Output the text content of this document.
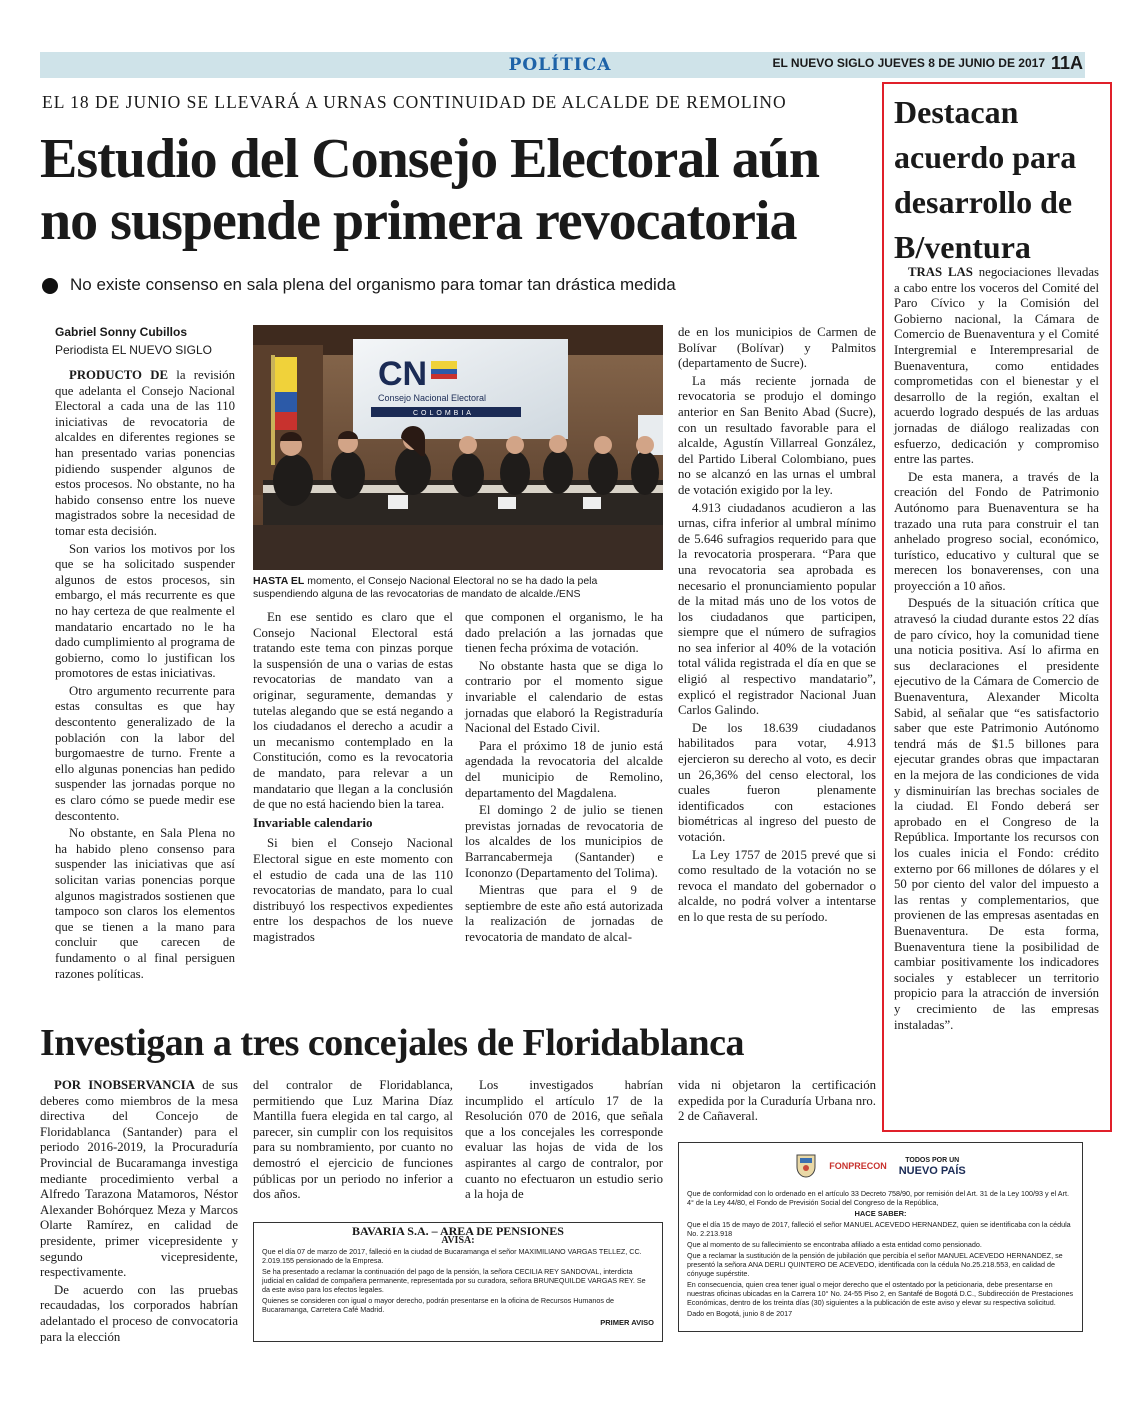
POLÍTICA	EL NUEVO SIGLO JUEVES 8 DE JUNIO DE 2017 11A
EL 18 DE JUNIO SE LLEVARÁ A URNAS CONTINUIDAD DE ALCALDE DE REMOLINO
Estudio del Consejo Electoral aún no suspende primera revocatoria
No existe consenso en sala plena del organismo para tomar tan drástica medida
Gabriel Sonny Cubillos
Periodista EL NUEVO SIGLO

PRODUCTO DE la revisión que adelanta el Consejo Nacional Electoral a cada una de las 110 iniciativas de revocatoria de alcaldes en diferentes regiones se han presentado varias ponencias pidiendo suspender algunos de estos procesos. No obstante, no ha habido consenso entre los nueve magistrados sobre la necesidad de tomar esta decisión.

Son varios los motivos por los que se ha solicitado suspender algunos de estos procesos, sin embargo, el más recurrente es que no hay certeza de que realmente el mandatario encartado no le ha dado cumplimiento al programa de gobierno, como lo justifican los promotores de estas iniciativas.

Otro argumento recurrente para estas consultas es que hay descontento generalizado de la población con la labor del burgomaestre de turno. Frente a ello algunas ponencias han pedido suspender las jornadas porque no es claro cómo se puede medir ese descontento.

No obstante, en Sala Plena no ha habido pleno consenso para suspender las iniciativas que así solicitan varias ponencias porque algunos magistrados sostienen que tampoco son claros los elementos que se tienen a la mano para concluir que carecen de fundamento o al final persiguen razones políticas.

CN
Consejo Nacional Electoral
COLOMBIA
HASTA EL momento, el Consejo Nacional Electoral no se ha dado la pela suspendiendo alguna de las revocatorias de mandato de alcalde./ENS

En ese sentido es claro que el Consejo Nacional Electoral está tratando este tema con pinzas porque la suspensión de una o varias de estas revocatorias de mandato van a originar, seguramente, demandas y tutelas alegando que se está negando a los ciudadanos el derecho a acudir a un mecanismo contemplado en la Constitución, como es la revocatoria de mandato, para relevar a un mandatario que llegan a la conclusión de que no está haciendo bien la tarea.

Invariable calendario

Si bien el Consejo Nacional Electoral sigue en este momento con el estudio de cada una de las 110 revocatorias de mandato, para lo cual distribuyó los respectivos expedientes entre los despachos de los nueve magistrados

que componen el organismo, le ha dado prelación a las jornadas que tienen fecha próxima de votación.

No obstante hasta que se diga lo contrario por el momento sigue invariable el calendario de estas jornadas que elaboró la Registraduría Nacional del Estado Civil.

Para el próximo 18 de junio está agendada la revocatoria del alcalde del municipio de Remolino, departamento del Magdalena.

El domingo 2 de julio se tienen previstas jornadas de revocatoria de los alcaldes de los municipios de Barrancabermeja (Santander) e Icononzo (Departamento del Tolima).

Mientras que para el 9 de septiembre de este año está autorizada la realización de jornadas de revocatoria de mandato de alcal-

de en los municipios de Carmen de Bolívar (Bolívar) y Palmitos (departamento de Sucre).

La más reciente jornada de revocatoria se produjo el domingo anterior en San Benito Abad (Sucre), con un resultado favorable para el alcalde, Agustín Villarreal González, del Partido Liberal Colombiano, pues no se alcanzó en las urnas el umbral de votación exigido por la ley.

4.913 ciudadanos acudieron a las urnas, cifra inferior al umbral mínimo de 5.646 sufragios requerido para que la revocatoria prosperara. “Para que una revocatoria sea aprobada es necesario el pronunciamiento popular de la mitad más uno de los votos de los ciudadanos que participen, siempre que el número de sufragios no sea inferior al 40% de la votación total válida registrada el día en que se eligió al respectivo mandatario”, explicó el registrador Nacional Juan Carlos Galindo.

De los 18.639 ciudadanos habilitados para votar, 4.913 ejercieron su derecho al voto, es decir un 26,36% del censo electoral, los cuales fueron plenamente identificados con estaciones biométricas al ingreso del puesto de votación.

La Ley 1757 de 2015 prevé que si como resultado de la votación no se revoca el mandato del gobernador o alcalde, no podrá volver a intentarse en lo que resta de su período.

Destacan acuerdo para desarrollo de B/ventura

TRAS LAS negociaciones llevadas a cabo entre los voceros del Comité del Paro Cívico y la Comisión del Gobierno nacional, la Cámara de Comercio de Buenaventura y el Comité Intergremial e Interempresarial de Buenaventura, como entidades comprometidas con el bienestar y el desarrollo de la región, exaltan el acuerdo logrado después de las arduas jornadas de diálogo realizadas con esfuerzo, dedicación y compromiso entre las partes.

De esta manera, a través de la creación del Fondo de Patrimonio Autónomo para Buenaventura se ha trazado una ruta para construir el tan anhelado progreso social, económico, turístico, educativo y cultural que se merecen los bonaverenses, con una proyección a 10 años.

Después de la situación crítica que atravesó la ciudad durante estos 22 días de paro cívico, hoy la comunidad tiene una noticia positiva. Así lo afirma en sus declaraciones el presidente ejecutivo de la Cámara de Comercio de Buenaventura, Alexander Micolta Sabid, al señalar que “es satisfactorio saber que este Patrimonio Autónomo tendrá más de $1.5 billones para ejecutar grandes obras que impactaran en la mejora de las condiciones de vida y disminuirían las brechas sociales de la ciudad. El Fondo deberá ser aprobado en el Congreso de la República. Importante los recursos con los cuales inicia el Fondo: crédito externo por 66 millones de dólares y el 50 por ciento del valor del impuesto a las rentas y complementarios, que provienen de las empresas asentadas en Buenaventura. De esta forma, Buenaventura tiene la posibilidad de cambiar positivamente los indicadores sociales y establecer un territorio propicio para la atracción de inversión y crecimiento de las empresas instaladas”.

Investigan a tres concejales de Floridablanca

POR INOBSERVANCIA de sus deberes como miembros de la mesa directiva del Concejo de Floridablanca (Santander) para el periodo 2016-2019, la Procuraduría Provincial de Bucaramanga investiga mediante procedimiento verbal a Alfredo Tarazona Matamoros, Néstor Alexander Bohórquez Meza y Marcos Olarte Ramírez, en calidad de presidente, primer vicepresidente y segundo vicepresidente, respectivamente.

De acuerdo con las pruebas recaudadas, los corporados habrían adelantado el proceso de convocatoria para la elección

del contralor de Floridablanca, permitiendo que Luz Marina Díaz Mantilla fuera elegida en tal cargo, al parecer, sin cumplir con los requisitos para su nombramiento, por cuanto no demostró el ejercicio de funciones públicas por un periodo no inferior a dos años.

Los investigados habrían incumplido el artículo 17 de la Resolución 070 de 2016, que señala que a los concejales les corresponde evaluar las hojas de vida de los aspirantes al cargo de contralor, por cuanto no efectuaron un estudio serio a la hoja de

vida ni objetaron la certificación expedida por la Curaduría Urbana nro. 2 de Cañaveral.

BAVARIA S.A. – AREA DE PENSIONES
AVISA:

Que el día 07 de marzo de 2017, falleció en la ciudad de Bucaramanga el señor MAXIMILIANO VARGAS TELLEZ, CC. 2.019.155 pensionado de la Empresa.

Se ha presentado a reclamar la continuación del pago de la pensión, la señora CECILIA REY SANDOVAL, interdicta judicial en calidad de compañera permanente, representada por su curadora, señora BRUNEQUILDE VARGAS REY. Se da este aviso para los efectos legales.

Quienes se consideren con igual o mayor derecho, podrán presentarse en la oficina de Recursos Humanos de Bucaramanga, Carretera Café Madrid.

PRIMER AVISO
FONPRECON	TODOS POR UN
NUEVO PAÍS

Que de conformidad con lo ordenado en el artículo 33 Decreto 758/90, por remisión del Art. 31 de la Ley 100/93 y el Art. 4° de la Ley 44/80, el Fondo de Previsión Social del Congreso de la República,

HACE SABER:

Que el día 15 de mayo de 2017, falleció el señor MANUEL ACEVEDO HERNANDEZ, quien se identificaba con la cédula No. 2.213.918

Que al momento de su fallecimiento se encontraba afiliado a esta entidad como pensionado.

Que a reclamar la sustitución de la pensión de jubilación que percibía el señor MANUEL ACEVEDO HERNANDEZ, se presentó la señora ANA DERLI QUINTERO DE ACEVEDO, identificada con la cédula No.25.218.553, en calidad de cónyuge supérstite.

En consecuencia, quien crea tener igual o mejor derecho que el ostentado por la peticionaria, debe presentarse en nuestras oficinas ubicadas en la Carrera 10° No. 24-55 Piso 2, en Santafé de Bogotá D.C., Subdirección de Prestaciones Económicas, dentro de los treinta días (30) siguientes a la publicación de este aviso y elevar su respectiva solicitud.

Dado en Bogotá, junio 8 de 2017
